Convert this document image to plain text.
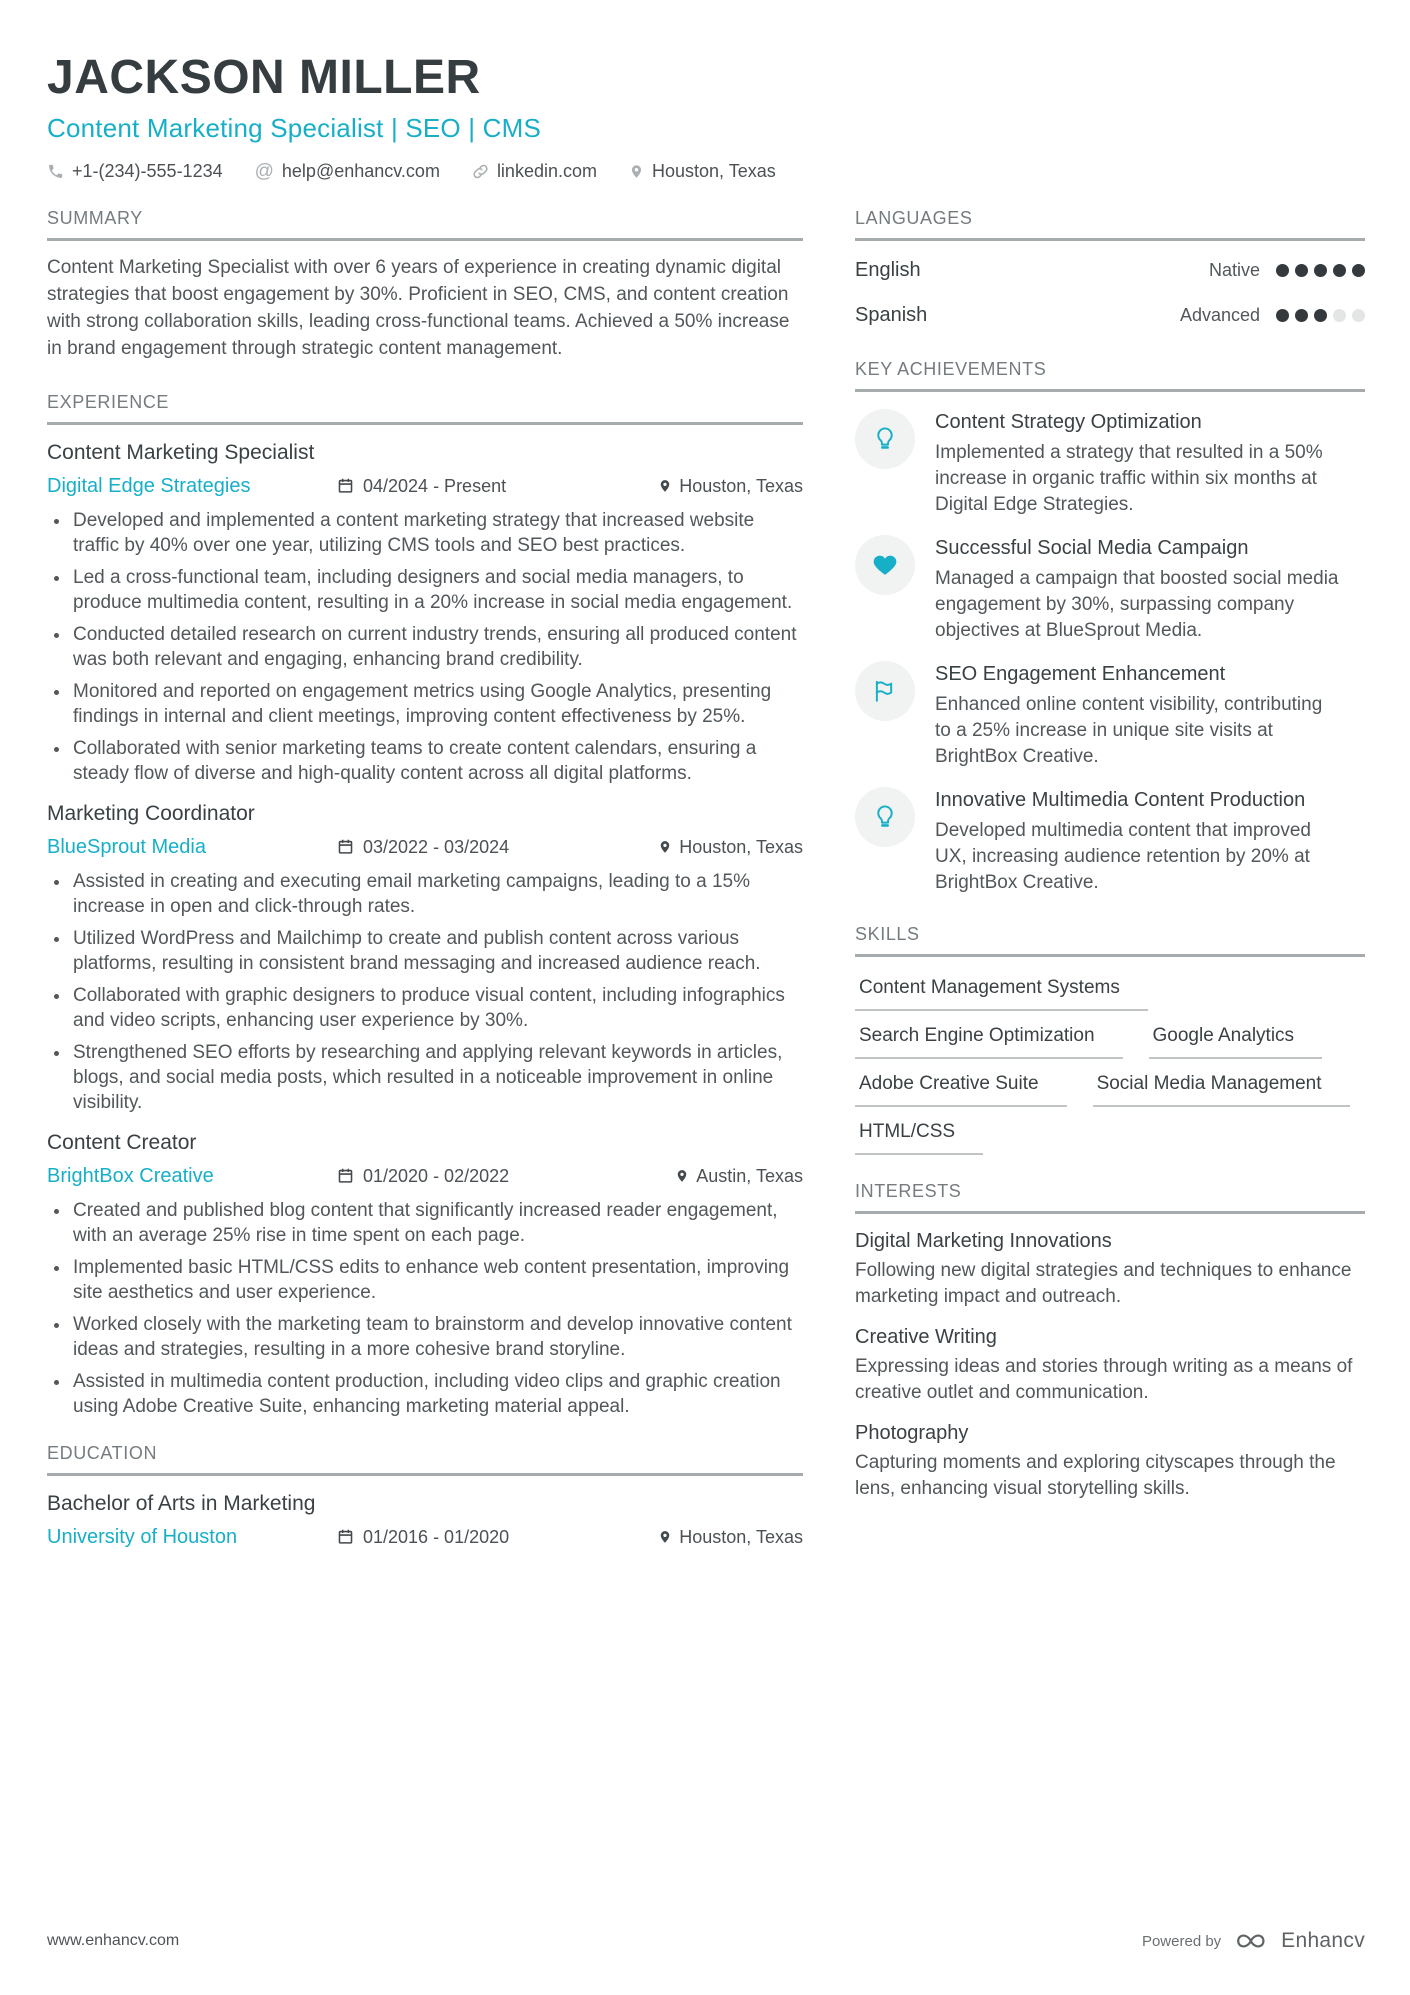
JACKSON MILLER
Content Marketing Specialist | SEO | CMS
+1-(234)-555-1234 @ help@enhancv.com	linkedin.com	Houston, Texas
SUMMARY
Content Marketing Specialist with over 6 years of experience in creating dynamic digital strategies that boost engagement by 30%. Proficient in SEO, CMS, and content creation with strong collaboration skills, leading cross-functional teams. Achieved a 50% increase in brand engagement through strategic content management.
EXPERIENCE
Content Marketing Specialist
Digital Edge Strategies	04/2024 - Present	Houston, Texas
• Developed and implemented a content marketing strategy that increased website traffic by 40% over one year, utilizing CMS tools and SEO best practices.
• Led a cross-functional team, including designers and social media managers, to produce multimedia content, resulting in a 20% increase in social media engagement.
• Conducted detailed research on current industry trends, ensuring all produced content was both relevant and engaging, enhancing brand credibility.
• Monitored and reported on engagement metrics using Google Analytics, presenting findings in internal and client meetings, improving content effectiveness by 25%.
• Collaborated with senior marketing teams to create content calendars, ensuring a steady flow of diverse and high-quality content across all digital platforms.
Marketing Coordinator
BlueSprout Media	03/2022 - 03/2024	Houston, Texas
• Assisted in creating and executing email marketing campaigns, leading to a 15% increase in open and click-through rates.
• Utilized WordPress and Mailchimp to create and publish content across various platforms, resulting in consistent brand messaging and increased audience reach.
• Collaborated with graphic designers to produce visual content, including infographics and video scripts, enhancing user experience by 30%.
• Strengthened SEO efforts by researching and applying relevant keywords in articles, blogs, and social media posts, which resulted in a noticeable improvement in online visibility.
Content Creator
BrightBox Creative	01/2020 - 02/2022	Austin, Texas
• Created and published blog content that significantly increased reader engagement, with an average 25% rise in time spent on each page.
• Implemented basic HTML/CSS edits to enhance web content presentation, improving site aesthetics and user experience.
• Worked closely with the marketing team to brainstorm and develop innovative content ideas and strategies, resulting in a more cohesive brand storyline.
• Assisted in multimedia content production, including video clips and graphic creation using Adobe Creative Suite, enhancing marketing material appeal.
EDUCATION
Bachelor of Arts in Marketing
University of Houston	01/2016 - 01/2020	Houston, Texas
LANGUAGES
English	Native
Spanish	Advanced
KEY ACHIEVEMENTS
Content Strategy Optimization
Implemented a strategy that resulted in a 50% increase in organic traffic within six months at Digital Edge Strategies.
Successful Social Media Campaign
Managed a campaign that boosted social media engagement by 30%, surpassing company objectives at BlueSprout Media.
SEO Engagement Enhancement
Enhanced online content visibility, contributing to a 25% increase in unique site visits at BrightBox Creative.
Innovative Multimedia Content Production
Developed multimedia content that improved UX, increasing audience retention by 20% at BrightBox Creative.
SKILLS
Content Management Systems
Search Engine Optimization	Google Analytics
Adobe Creative Suite	Social Media Management
HTML/CSS
INTERESTS
Digital Marketing Innovations
Following new digital strategies and techniques to enhance marketing impact and outreach.
Creative Writing
Expressing ideas and stories through writing as a means of creative outlet and communication.
Photography
Capturing moments and exploring cityscapes through the lens, enhancing visual storytelling skills.
www.enhancv.com	Powered by	Enhancv
